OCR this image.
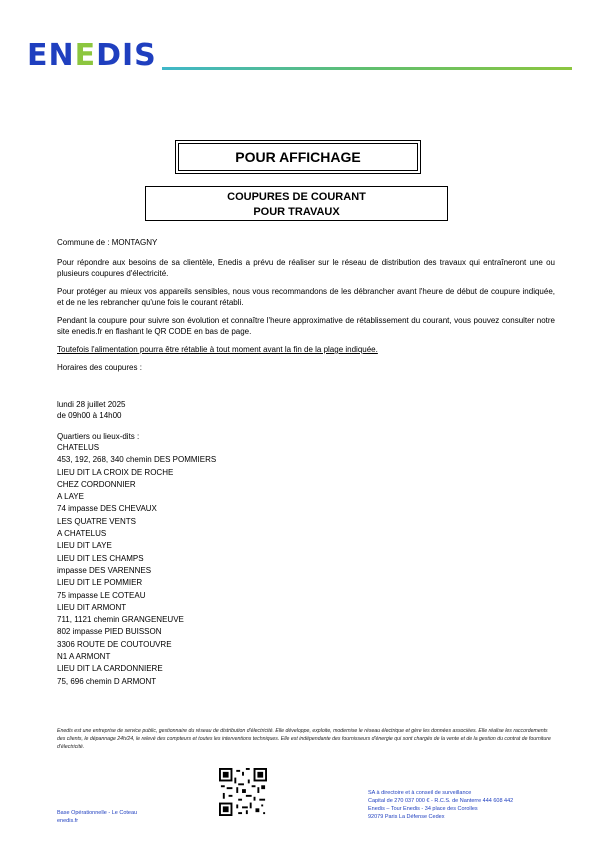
ENEDIS
POUR AFFICHAGE
COUPURES DE COURANT
POUR TRAVAUX

Commune de : MONTAGNY

Pour répondre aux besoins de sa clientèle, Enedis a prévu de réaliser sur le réseau de distribution des travaux qui entraîneront une ou plusieurs coupures d'électricité.

Pour protéger au mieux vos appareils sensibles, nous vous recommandons de les débrancher avant l'heure de début de coupure indiquée, et de ne les rebrancher qu'une fois le courant rétabli.

Pendant la coupure pour suivre son évolution et connaître l'heure approximative de rétablissement du courant, vous pouvez consulter notre site enedis.fr en flashant le QR CODE en bas de page.

Toutefois l'alimentation pourra être rétablie à tout moment avant la fin de la plage indiquée.

Horaires des coupures :

lundi 28 juillet 2025
de 09h00 à 14h00
Quartiers ou lieux-dits :
CHATELUS
453, 192, 268, 340 chemin DES POMMIERS
LIEU DIT LA CROIX DE ROCHE
CHEZ CORDONNIER
A LAYE
74 impasse DES CHEVAUX
LES QUATRE VENTS
A CHATELUS
LIEU DIT LAYE
LIEU DIT LES CHAMPS
impasse DES VARENNES
LIEU DIT LE POMMIER
75 impasse LE COTEAU
LIEU DIT ARMONT
711, 1121 chemin GRANGENEUVE
802 impasse PIED BUISSON
3306 ROUTE DE COUTOUVRE
N1 A ARMONT
LIEU DIT LA CARDONNIERE
75, 696 chemin D ARMONT
Enedis est une entreprise de service public, gestionnaire du réseau de distribution d'électricité. Elle développe, exploite, modernise le réseau électrique et gère les données associées. Elle réalise les raccordements des clients, le dépannage 24h/24, le relevé des compteurs et toutes les interventions techniques. Elle est indépendante des fournisseurs d'énergie qui sont chargés de la vente et de la gestion du contrat de fourniture d'électricité.
Base Opérationnelle - Le Coteau
enedis.fr
SA à directoire et à conseil de surveillance
Capital de 270 037 000 € - R.C.S. de Nanterre 444 608 442
Enedis – Tour Enedis - 34 place des Corolles
92079 Paris La Défense Cedex
